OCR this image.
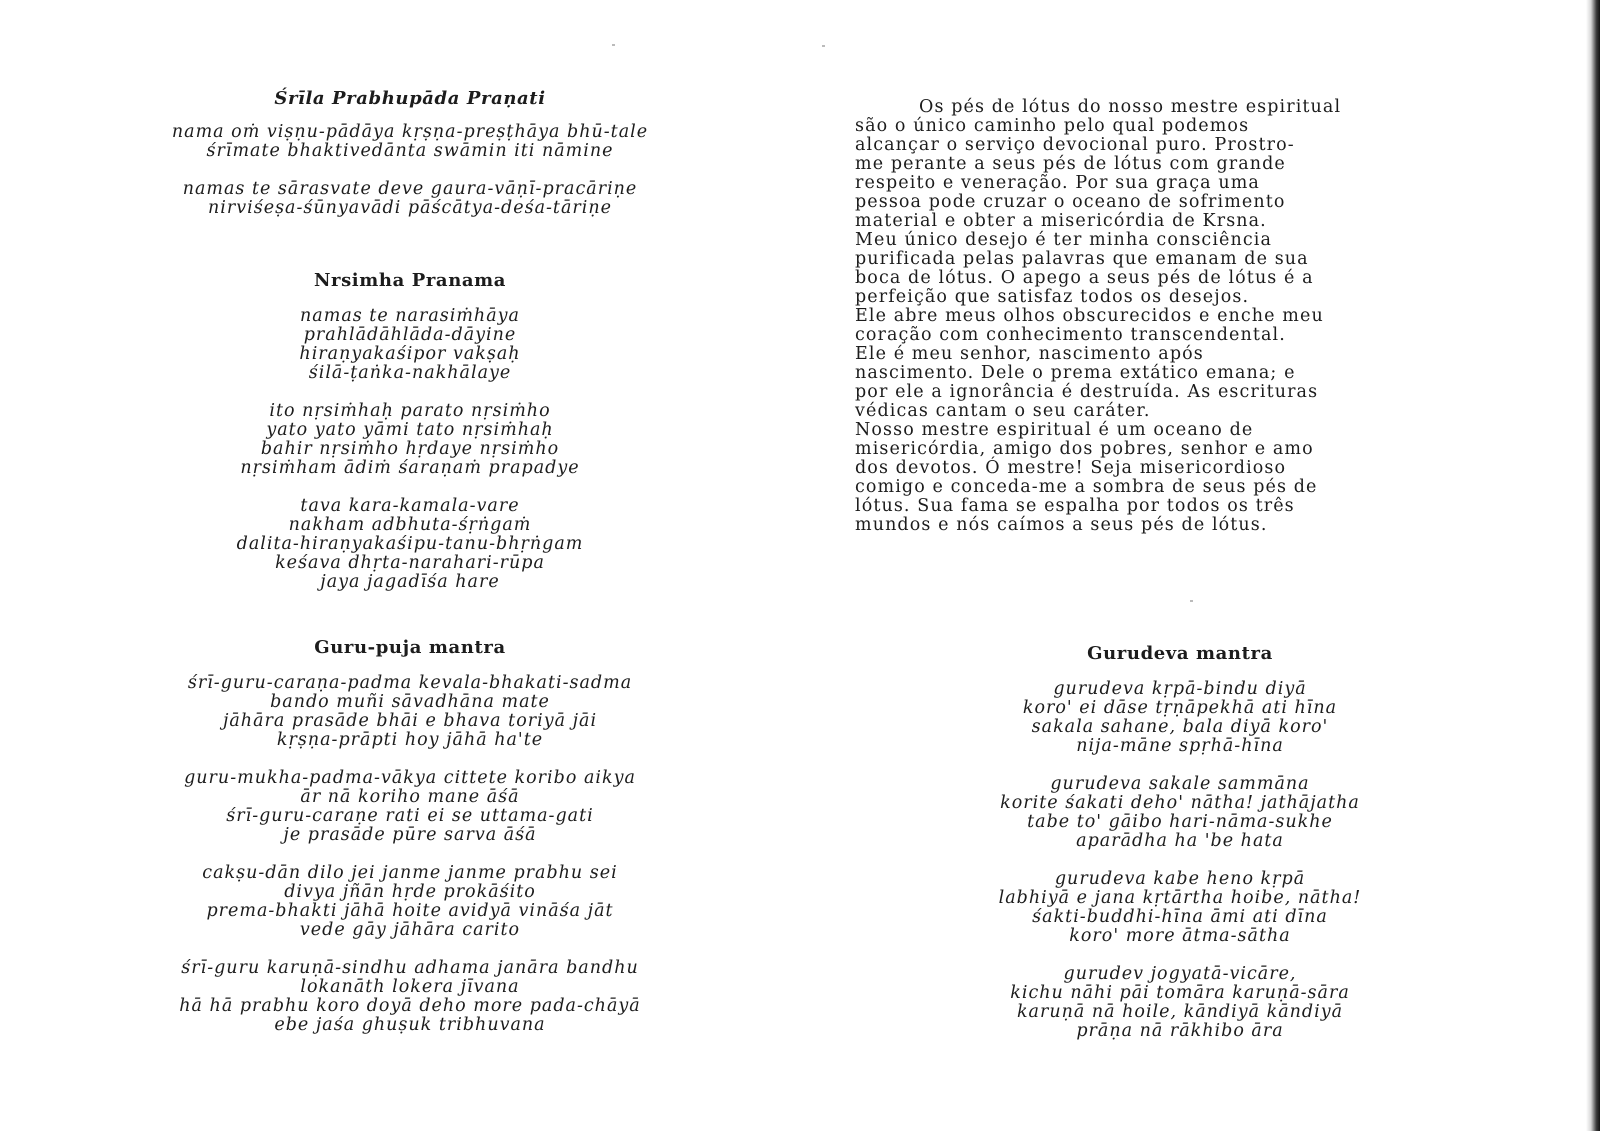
Śrīla Prabhupāda Praṇati
nama oṁ viṣṇu-pādāya kṛṣṇa-preṣṭhāya bhū-tale
śrīmate bhaktivedānta swāmin iti nāmine
namas te sārasvate deve gaura-vāṇī-pracāriṇe
nirviśeṣa-śūnyavādi pāścātya-deśa-tāriṇe
Nrsimha Pranama
namas te narasiṁhāya
prahlādāhlāda-dāyine
hiraṇyakaśipor vakṣaḥ
śilā-ṭaṅka-nakhālaye
ito nṛsiṁhaḥ parato nṛsiṁho
yato yato yāmi tato nṛsiṁhaḥ
bahir nṛsiṁho hṛdaye nṛsiṁho
nṛsiṁham ādiṁ śaraṇaṁ prapadye
tava kara-kamala-vare
nakham adbhuta-śṛṅgaṁ
dalita-hiraṇyakaśipu-tanu-bhṛṅgam
keśava dhṛta-narahari-rūpa
jaya jagadīśa hare
Guru-puja mantra
śrī-guru-caraṇa-padma kevala-bhakati-sadma
bando muñi sāvadhāna mate
jāhāra prasāde bhāi e bhava toriyā jāi
kṛṣṇa-prāpti hoy jāhā ha'te
guru-mukha-padma-vākya cittete koribo aikya
ār nā koriho mane āśā
śrī-guru-caraṇe rati ei se uttama-gati
je prasāde pūre sarva āśā
cakṣu-dān dilo jei janme janme prabhu sei
divya jñān hṛde prokāśito
prema-bhakti jāhā hoite avidyā vināśa jāt
vede gāy jāhāra carito
śrī-guru karuṇā-sindhu adhama janāra bandhu
lokanāth lokera jīvana
hā hā prabhu koro doyā deho more pada-chāyā
ebe jaśa ghuṣuk tribhuvana
Os pés de lótus do nosso mestre espiritual
são o único caminho pelo qual podemos
alcançar o serviço devocional puro. Prostro-
me perante a seus pés de lótus com grande
respeito e veneração. Por sua graça uma
pessoa pode cruzar o oceano de sofrimento
material e obter a misericórdia de Krsna.
Meu único desejo é ter minha consciência
purificada pelas palavras que emanam de sua
boca de lótus. O apego a seus pés de lótus é a
perfeição que satisfaz todos os desejos.
Ele abre meus olhos obscurecidos e enche meu
coração com conhecimento transcendental.
Ele é meu senhor, nascimento após
nascimento. Dele o prema extático emana; e
por ele a ignorância é destruída. As escrituras
védicas cantam o seu caráter.
Nosso mestre espiritual é um oceano de
misericórdia, amigo dos pobres, senhor e amo
dos devotos. Ó mestre! Seja misericordioso
comigo e conceda-me a sombra de seus pés de
lótus. Sua fama se espalha por todos os três
mundos e nós caímos a seus pés de lótus.
Gurudeva mantra
gurudeva kṛpā-bindu diyā
koro' ei dāse tṛṇāpekhā ati hīna
sakala sahane, bala diyā koro'
nija-māne spṛhā-hīna
gurudeva sakale sammāna
korite śakati deho' nātha! jathājatha
tabe to' gāibo hari-nāma-sukhe
aparādha ha 'be hata
gurudeva kabe heno kṛpā
labhiyā e jana kṛtārtha hoibe, nātha!
śakti-buddhi-hīna āmi ati dīna
koro' more ātma-sātha
gurudev jogyatā-vicāre,
kichu nāhi pāi tomāra karuṇā-sāra
karuṇā nā hoile, kāndiyā kāndiyā
prāṇa nā rākhibo āra
